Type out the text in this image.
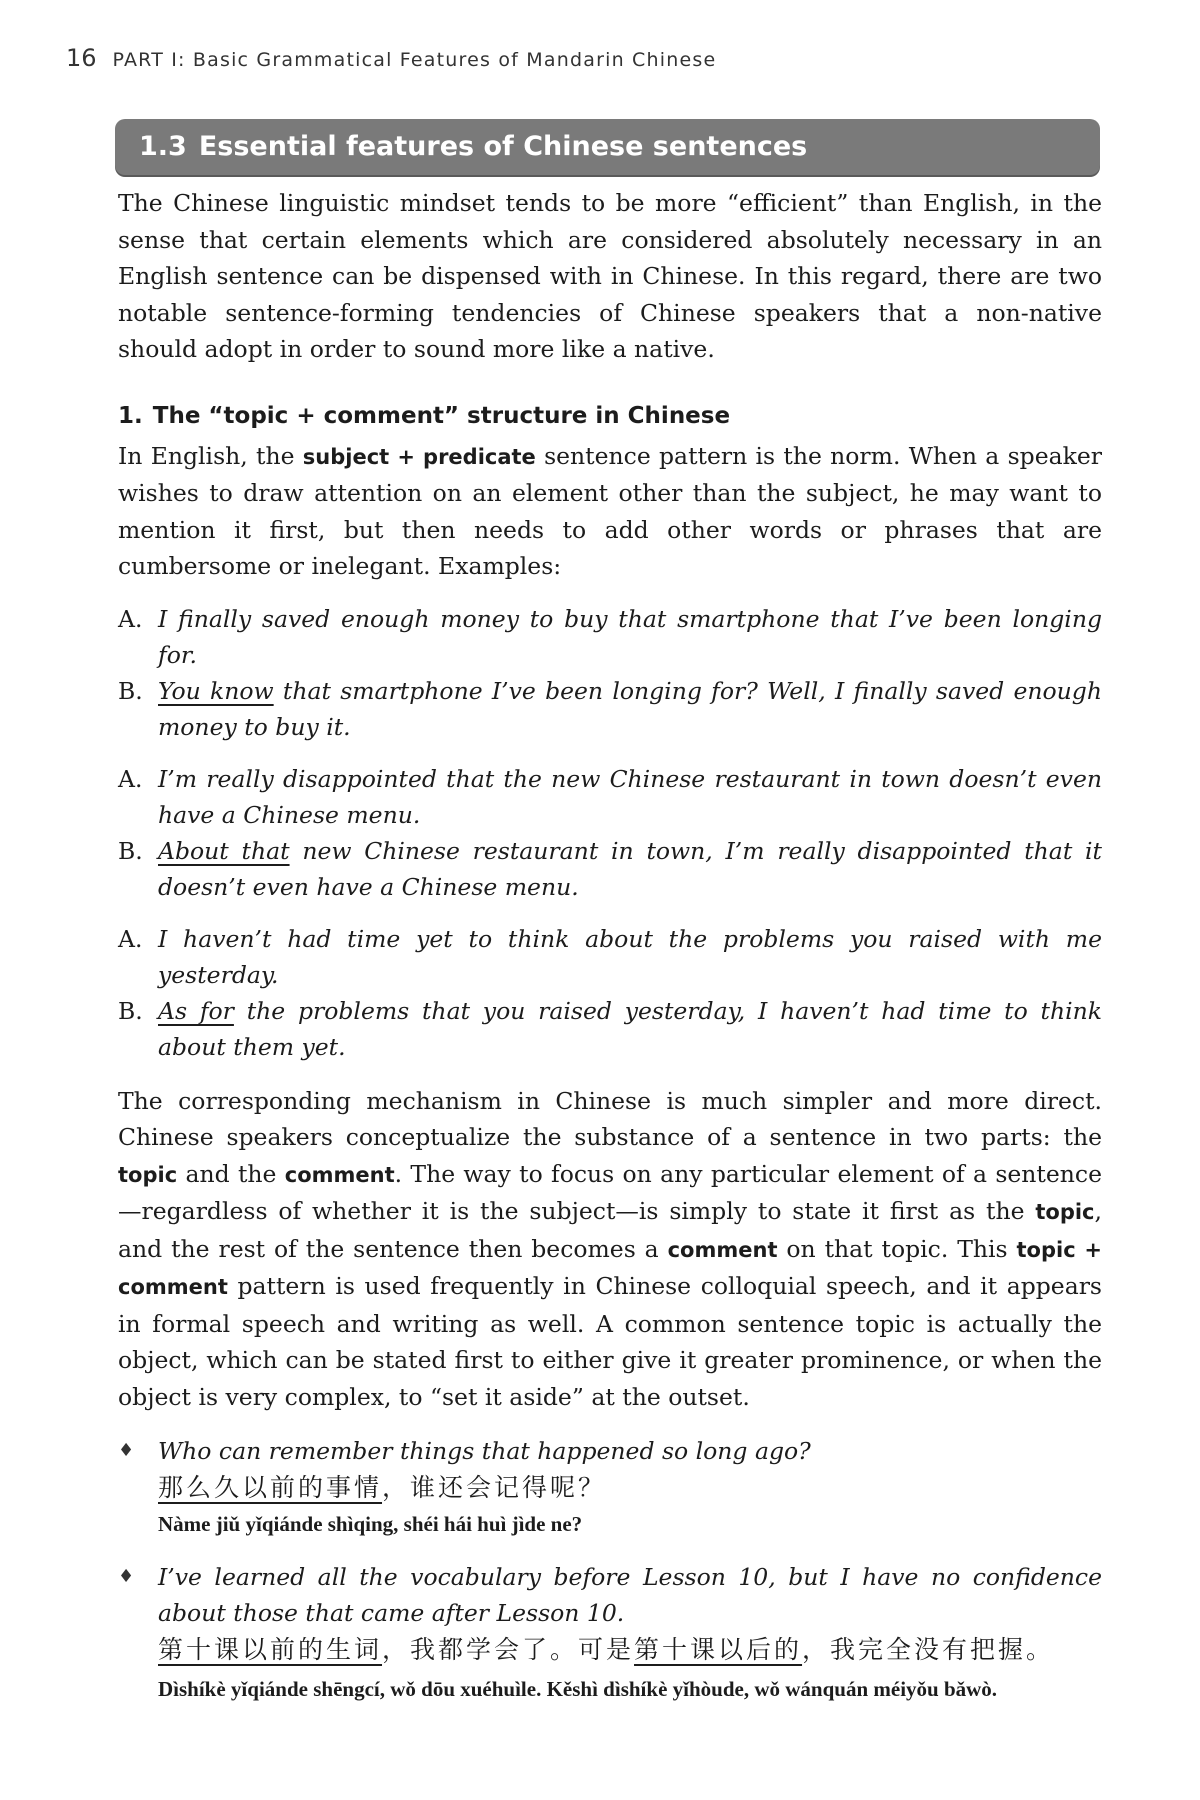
16 PART I: Basic Grammatical Features of Mandarin Chinese
1.3 Essential features of Chinese sentences

The Chinese linguistic mindset tends to be more “efficient” than English, in the sense that certain elements which are considered absolutely necessary in an English sentence can be dispensed with in Chinese. In this regard, there are two notable sentence-forming tendencies of Chinese speakers that a non-native should adopt in order to sound more like a native.

1. The “topic + comment” structure in Chinese

In English, the subject + predicate sentence pattern is the norm. When a speaker wishes to draw attention on an element other than the subject, he may want to mention it first, but then needs to add other words or phrases that are cumbersome or inelegant. Examples:

A. I finally saved enough money to buy that smartphone that I’ve been longing for.
B. You know that smartphone I’ve been longing for? Well, I finally saved enough money to buy it.
A. I’m really disappointed that the new Chinese restaurant in town doesn’t even have a Chinese menu.
B. About that new Chinese restaurant in town, I’m really disappointed that it doesn’t even have a Chinese menu.
A. I haven’t had time yet to think about the problems you raised with me yesterday.
B. As for the problems that you raised yesterday, I haven’t had time to think about them yet.

The corresponding mechanism in Chinese is much simpler and more direct. Chinese speakers conceptualize the substance of a sentence in two parts: the topic and the comment. The way to focus on any particular element of a sentence—regardless of whether it is the subject—is simply to state it first as the topic, and the rest of the sentence then becomes a comment on that topic. This topic + comment pattern is used frequently in Chinese colloquial speech, and it appears in formal speech and writing as well. A common sentence topic is actually the object, which can be stated first to either give it greater prominence, or when the object is very complex, to “set it aside” at the outset.

♦	Who can remember things that happened so long ago?
那么久以前的事情，谁还会记得呢？
Nàme jiǔ yǐqiánde shìqing, shéi hái huì jìde ne?
♦	I’ve learned all the vocabulary before Lesson 10, but I have no confidence about those that came after Lesson 10.
第十课以前的生词，我都学会了。可是第十课以后的，我完全没有把握。 Dìshíkè yǐqiánde shēngcí, wǒ dōu xuéhuìle. Kěshì dìshíkè yǐhòude, wǒ wánquán méiyǒu bǎwò.
